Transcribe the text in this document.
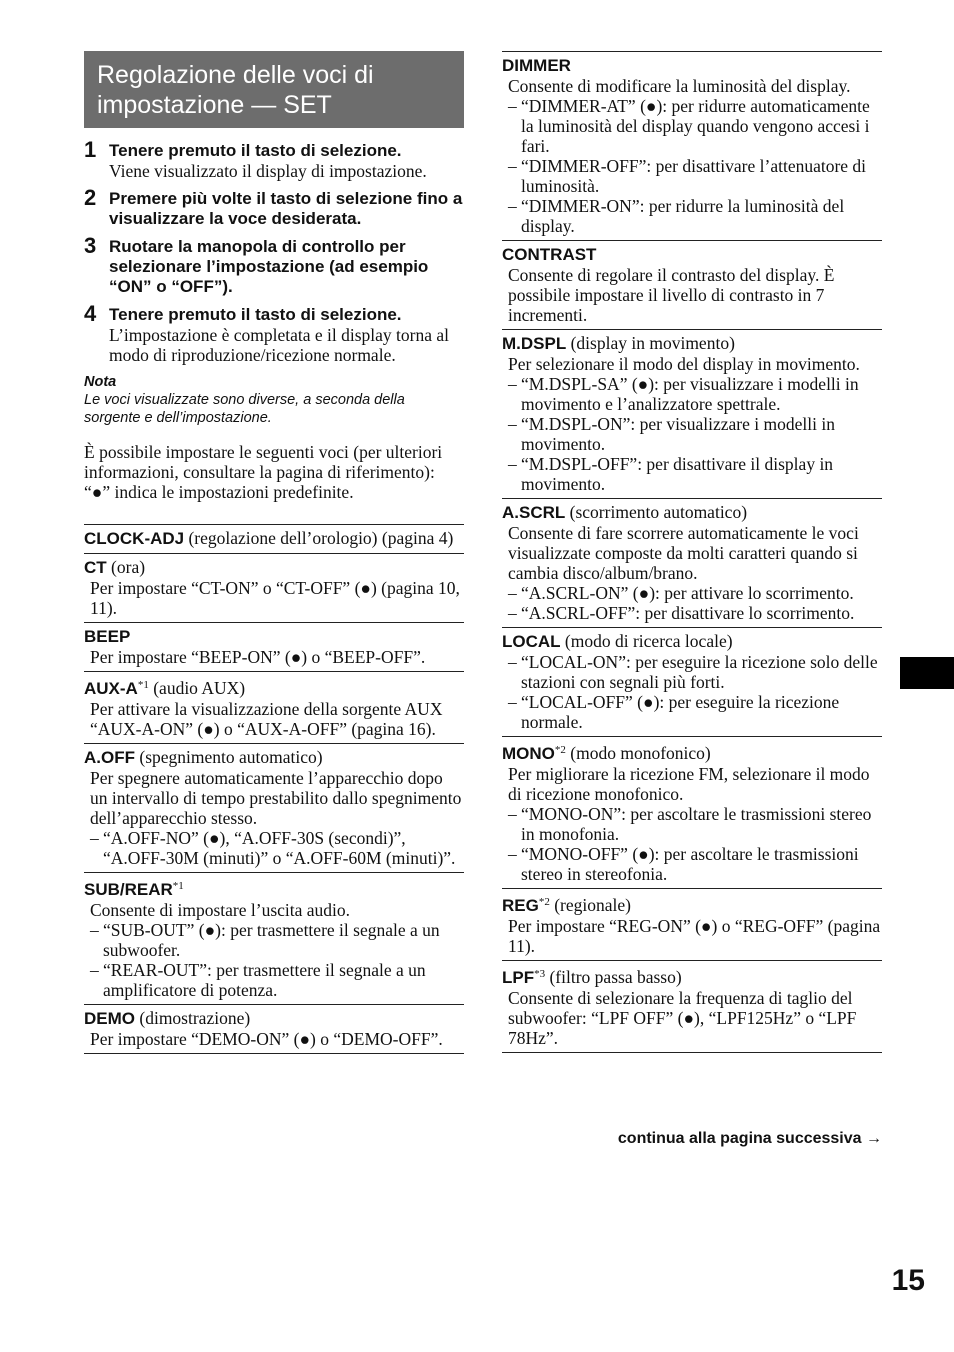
Regolazione delle voci di
impostazione — SET
1 Tenere premuto il tasto di selezione.
Viene visualizzato il display di impostazione.
2 Premere più volte il tasto di selezione fino a visualizzare la voce desiderata.
3 Ruotare la manopola di controllo per selezionare l’impostazione (ad esempio “ON” o “OFF”).
4 Tenere premuto il tasto di selezione.
L’impostazione è completata e il display torna al modo di riproduzione/ricezione normale.
Nota
Le voci visualizzate sono diverse, a seconda della sorgente e dell’impostazione.
È possibile impostare le seguenti voci (per ulteriori informazioni, consultare la pagina di riferimento):
“●” indica le impostazioni predefinite.
CLOCK-ADJ (regolazione dell’orologio) (pagina 4)
CT (ora)
Per impostare “CT-ON” o “CT-OFF” (●) (pagina 10, 11).
BEEP
Per impostare “BEEP-ON” (●) o “BEEP-OFF”.
AUX-$A^{*1}$ (audio AUX)
Per attivare la visualizzazione della sorgente AUX “AUX-A-ON” (●) o “AUX-A-OFF” (pagina 16).
A.OFF (spegnimento automatico)
Per spegnere automaticamente l’apparecchio dopo un intervallo di tempo prestabilito dallo spegnimento dell’apparecchio stesso.
– “A.OFF-NO” (●), “A.OFF-30S (secondi)”, “A.OFF-30M (minuti)” o “A.OFF-60M (minuti)”.
SUB/REAR$^{*1}$
Consente di impostare l’uscita audio.
– “SUB-OUT” (●): per trasmettere il segnale a un subwoofer.
– “REAR-OUT”: per trasmettere il segnale a un amplificatore di potenza.
DEMO (dimostrazione)
Per impostare “DEMO-ON” (●) o “DEMO-OFF”.
DIMMER
Consente di modificare la luminosità del display.
– “DIMMER-AT” (●): per ridurre automaticamente la luminosità del display quando vengono accesi i fari.
– “DIMMER-OFF”: per disattivare l’attenuatore di luminosità.
– “DIMMER-ON”: per ridurre la luminosità del display.
CONTRAST
Consente di regolare il contrasto del display. È possibile impostare il livello di contrasto in 7 incrementi.
M.DSPL (display in movimento)
Per selezionare il modo del display in movimento.
– “M.DSPL-SA” (●): per visualizzare i modelli in movimento e l’analizzatore spettrale.
– “M.DSPL-ON”: per visualizzare i modelli in movimento.
– “M.DSPL-OFF”: per disattivare il display in movimento.
A.SCRL (scorrimento automatico)
Consente di fare scorrere automaticamente le voci visualizzate composte da molti caratteri quando si cambia disco/album/brano.
– “A.SCRL-ON” (●): per attivare lo scorrimento.
– “A.SCRL-OFF”: per disattivare lo scorrimento.
LOCAL (modo di ricerca locale)
– “LOCAL-ON”: per eseguire la ricezione solo delle stazioni con segnali più forti.
– “LOCAL-OFF” (●): per eseguire la ricezione normale.
MONO$^{*2}$ (modo monofonico)
Per migliorare la ricezione FM, selezionare il modo di ricezione monofonico.
– “MONO-ON”: per ascoltare le trasmissioni stereo in monofonia.
– “MONO-OFF” (●): per ascoltare le trasmissioni stereo in stereofonia.
REG$^{*2}$ (regionale)
Per impostare “REG-ON” (●) o “REG-OFF” (pagina 11).
LPF$^{*3}$ (filtro passa basso)
Consente di selezionare la frequenza di taglio del subwoofer: “LPF OFF” (●), “LPF125Hz” o “LPF 78Hz”.
continua alla pagina successiva →
15
